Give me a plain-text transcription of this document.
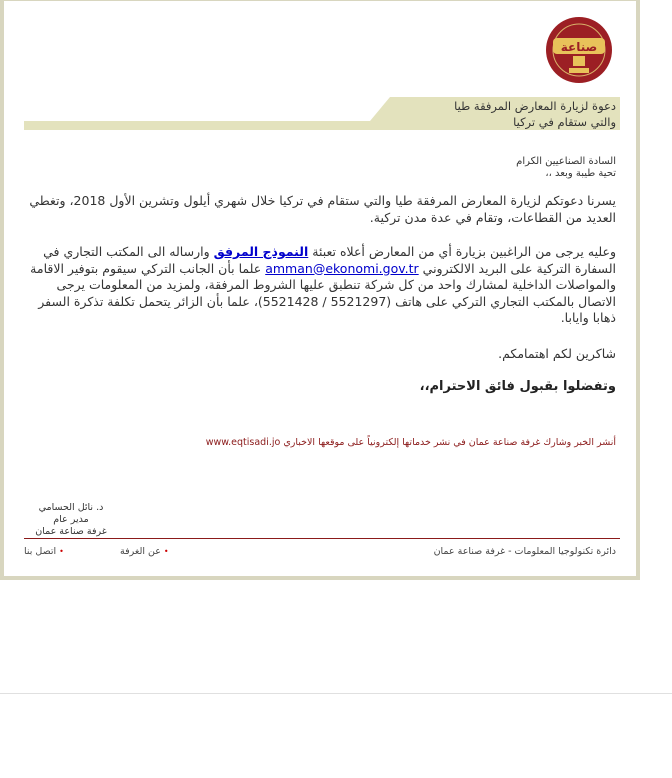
صناعة
دعوة لزيارة المعارض المرفقة طيا
والتي ستقام في تركيا
السادة الصناعيين الكرام
تحية طيبة وبعد ،،
يسرنا دعوتكم لزيارة المعارض المرفقة طيا والتي ستقام في تركيا خلال شهري أيلول وتشرين الأول 2018، وتغطي العديد من القطاعات، وتقام في عدة مدن تركية.
وعليه يرجى من الراغبين بزيارة أي من المعارض أعلاه تعبئة النموذج المرفق وارساله الى المكتب التجاري في السفارة التركية على البريد الالكتروني amman@ekonomi.gov.tr علما بأن الجانب التركي سيقوم بتوفير الاقامة والمواصلات الداخلية لمشارك واحد من كل شركة تنطبق عليها الشروط المرفقة، ولمزيد من المعلومات يرجى الاتصال بالمكتب التجاري التركي على هاتف (5521297 / 5521428)، علما بأن الزائر يتحمل تكلفة تذكرة السفر ذهابا وايابا.
شاكرين لكم اهتمامكم.
وتفضلوا بقبول فائق الاحترام،،
أنشر الخبر وشارك غرفة صناعة عمان في نشر خدماتها إلكترونياً على موقعها الاخباري www.eqtisadi.jo
د. نائل الحسامي
مدير عام
غرفة صناعة عمان
دائرة تكنولوجيا المعلومات - غرفة صناعة عمان
•عن الغرفة
•اتصل بنا
